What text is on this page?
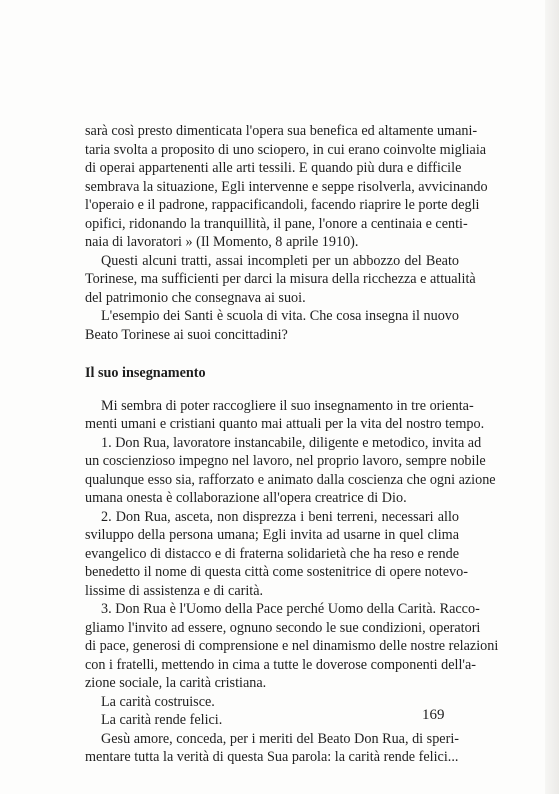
sarà così presto dimenticata l'opera sua benefica ed altamente umani-
taria svolta a proposito di uno sciopero, in cui erano coinvolte migliaia
di operai appartenenti alle arti tessili. E quando più dura e difficile
sembrava la situazione, Egli intervenne e seppe risolverla, avvicinando
l'operaio e il padrone, rappacificandoli, facendo riaprire le porte degli
opifici, ridonando la tranquillità, il pane, l'onore a centinaia e centi-
naia di lavoratori » (Il Momento, 8 aprile 1910).
Questi alcuni tratti, assai incompleti per un abbozzo del Beato
Torinese, ma sufficienti per darci la misura della ricchezza e attualità
del patrimonio che consegnava ai suoi.
L'esempio dei Santi è scuola di vita. Che cosa insegna il nuovo
Beato Torinese ai suoi concittadini?
Il suo insegnamento
Mi sembra di poter raccogliere il suo insegnamento in tre orienta-
menti umani e cristiani quanto mai attuali per la vita del nostro tempo.
1. Don Rua, lavoratore instancabile, diligente e metodico, invita ad
un coscienzioso impegno nel lavoro, nel proprio lavoro, sempre nobile
qualunque esso sia, rafforzato e animato dalla coscienza che ogni azione
umana onesta è collaborazione all'opera creatrice di Dio.
2. Don Rua, asceta, non disprezza i beni terreni, necessari allo
sviluppo della persona umana; Egli invita ad usarne in quel clima
evangelico di distacco e di fraterna solidarietà che ha reso e rende
benedetto il nome di questa città come sostenitrice di opere notevo-
lissime di assistenza e di carità.
3. Don Rua è l'Uomo della Pace perché Uomo della Carità. Racco-
gliamo l'invito ad essere, ognuno secondo le sue condizioni, operatori
di pace, generosi di comprensione e nel dinamismo delle nostre relazioni
con i fratelli, mettendo in cima a tutte le doverose componenti dell'a-
zione sociale, la carità cristiana.
La carità costruisce.
La carità rende felici.
Gesù amore, conceda, per i meriti del Beato Don Rua, di speri-
mentare tutta la verità di questa Sua parola: la carità rende felici...
169
